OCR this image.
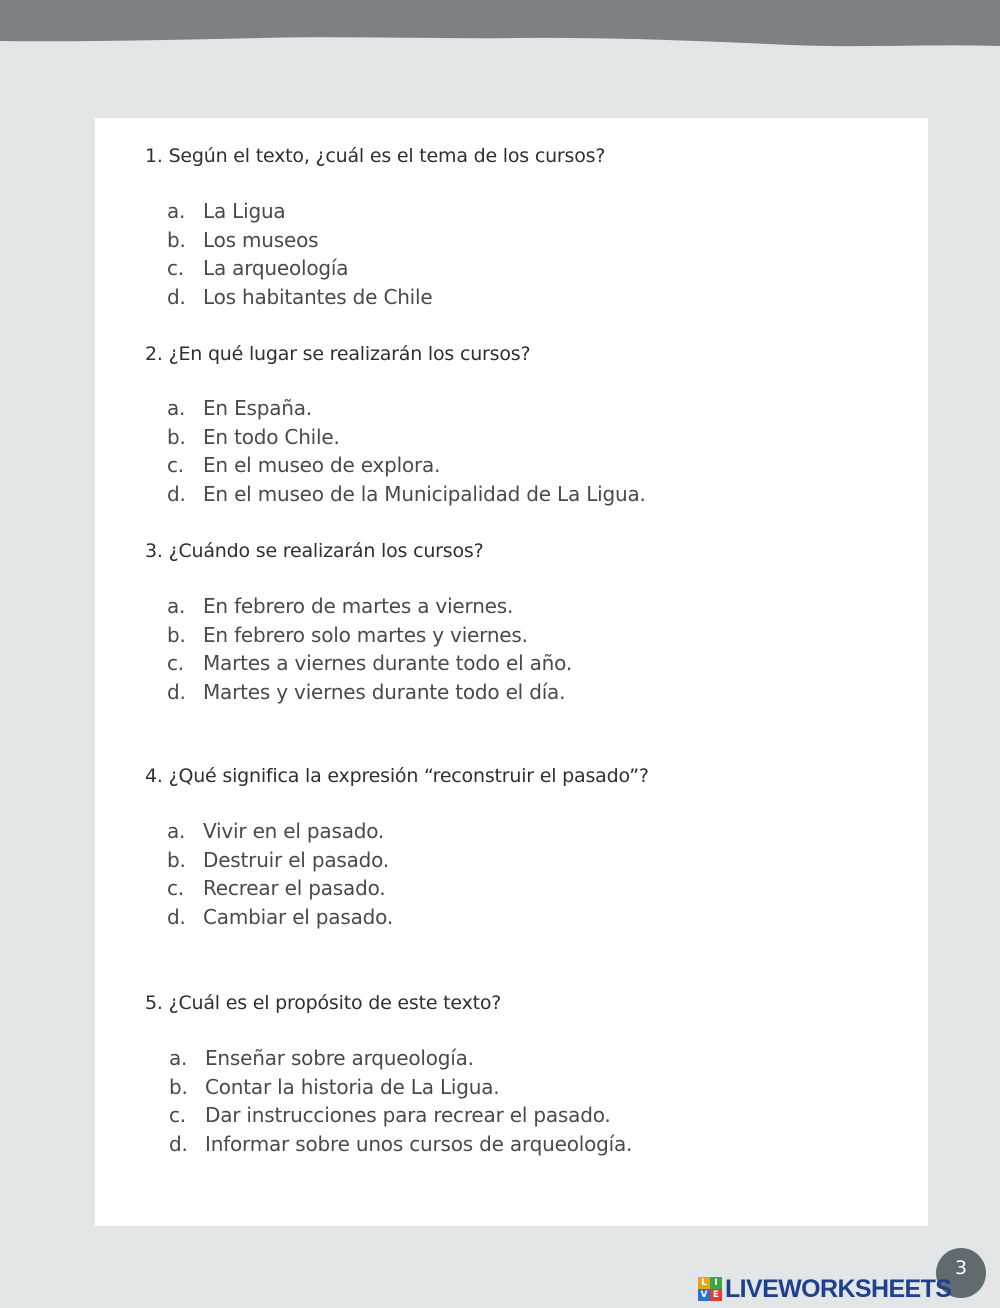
1. Según el texto, ¿cuál es el tema de los cursos?
a. La Ligua
b. Los museos
c. La arqueología
d. Los habitantes de Chile
2. ¿En qué lugar se realizarán los cursos?
a. En España.
b. En todo Chile.
c. En el museo de explora.
d. En el museo de la Municipalidad de La Ligua.
3. ¿Cuándo se realizarán los cursos?
a. En febrero de martes a viernes.
b. En febrero solo martes y viernes.
c. Martes a viernes durante todo el año.
d. Martes y viernes durante todo el día.
4. ¿Qué significa la expresión “reconstruir el pasado”?
a. Vivir en el pasado.
b. Destruir el pasado.
c. Recrear el pasado.
d. Cambiar el pasado.
5. ¿Cuál es el propósito de este texto?
a. Enseñar sobre arqueología.
b. Contar la historia de La Ligua.
c. Dar instrucciones para recrear el pasado.
d. Informar sobre unos cursos de arqueología.
3
L I
V E LIVEWORKSHEETS
